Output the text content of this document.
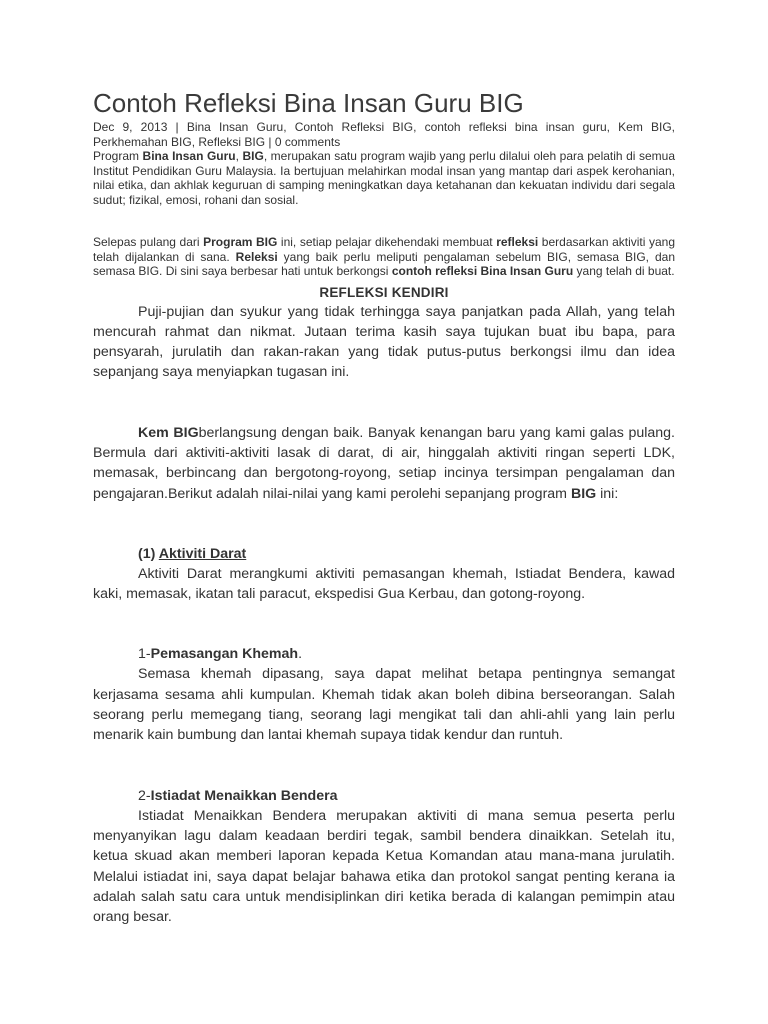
Contoh Refleksi Bina Insan Guru BIG

Dec 9, 2013 | Bina Insan Guru, Contoh Refleksi BIG, contoh refleksi bina insan guru, Kem BIG, Perkhemahan BIG, Refleksi BIG | 0 comments

Program Bina Insan Guru, BIG, merupakan satu program wajib yang perlu dilalui oleh para pelatih di semua Institut Pendidikan Guru Malaysia. Ia bertujuan melahirkan modal insan yang mantap dari aspek kerohanian, nilai etika, dan akhlak keguruan di samping meningkatkan daya ketahanan dan kekuatan individu dari segala sudut; fizikal, emosi, rohani dan sosial.

Selepas pulang dari Program BIG ini, setiap pelajar dikehendaki membuat refleksi berdasarkan aktiviti yang telah dijalankan di sana. Releksi yang baik perlu meliputi pengalaman sebelum BIG, semasa BIG, dan semasa BIG. Di sini saya berbesar hati untuk berkongsi contoh refleksi Bina Insan Guru yang telah di buat.

REFLEKSI KENDIRI

Puji-pujian dan syukur yang tidak terhingga saya panjatkan pada Allah, yang telah mencurah rahmat dan nikmat. Jutaan terima kasih saya tujukan buat ibu bapa, para pensyarah, jurulatih dan rakan-rakan yang tidak putus-putus berkongsi ilmu dan idea sepanjang saya menyiapkan tugasan ini.

Kem BIGberlangsung dengan baik. Banyak kenangan baru yang kami galas pulang. Bermula dari aktiviti-aktiviti lasak di darat, di air, hinggalah aktiviti ringan seperti LDK, memasak, berbincang dan bergotong-royong, setiap incinya tersimpan pengalaman dan pengajaran.Berikut adalah nilai-nilai yang kami perolehi sepanjang program BIG ini:

(1) Aktiviti Darat

Aktiviti Darat merangkumi aktiviti pemasangan khemah, Istiadat Bendera, kawad kaki, memasak, ikatan tali paracut, ekspedisi Gua Kerbau, dan gotong-royong.

1-Pemasangan Khemah.

Semasa khemah dipasang, saya dapat melihat betapa pentingnya semangat kerjasama sesama ahli kumpulan. Khemah tidak akan boleh dibina berseorangan. Salah seorang perlu memegang tiang, seorang lagi mengikat tali dan ahli-ahli yang lain perlu menarik kain bumbung dan lantai khemah supaya tidak kendur dan runtuh.

2-Istiadat Menaikkan Bendera

Istiadat Menaikkan Bendera merupakan aktiviti di mana semua peserta perlu menyanyikan lagu dalam keadaan berdiri tegak, sambil bendera dinaikkan. Setelah itu, ketua skuad akan memberi laporan kepada Ketua Komandan atau mana-mana jurulatih. Melalui istiadat ini, saya dapat belajar bahawa etika dan protokol sangat penting kerana ia adalah salah satu cara untuk mendisiplinkan diri ketika berada di kalangan pemimpin atau orang besar.
